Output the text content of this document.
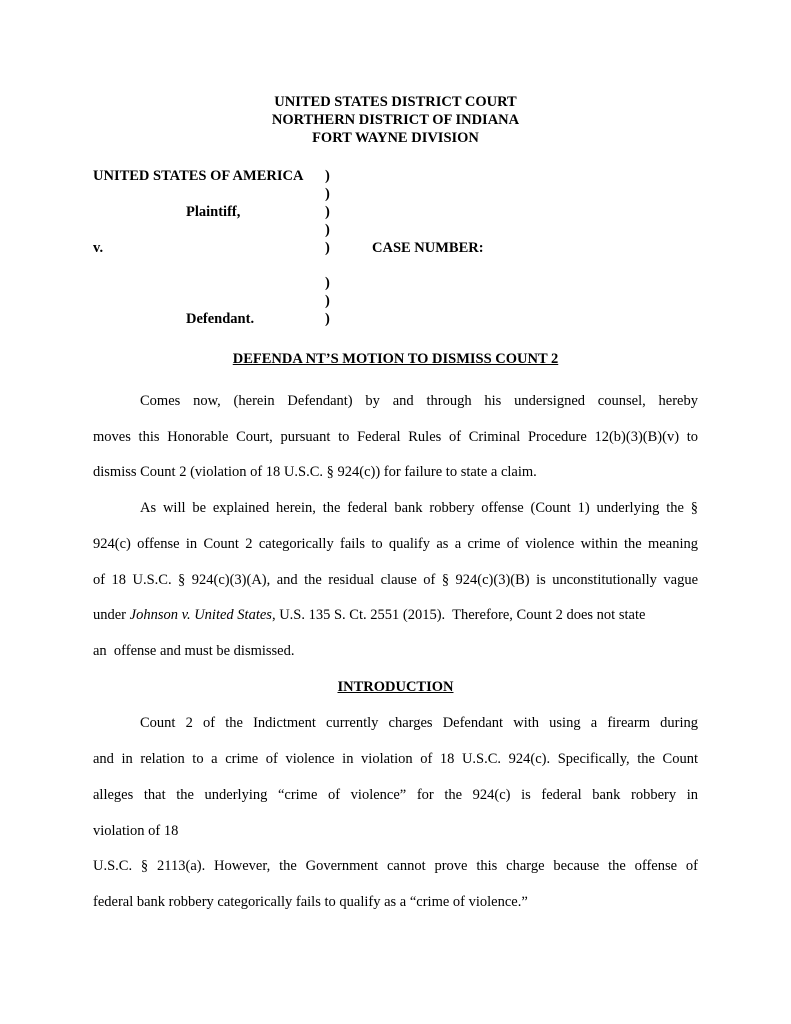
UNITED STATES DISTRICT COURT
NORTHERN DISTRICT OF INDIANA
FORT WAYNE DIVISION
UNITED STATES OF AMERICA )
)
Plaintiff,	)
)
v.	)	CASE NUMBER:
)
)
Defendant.	)
DEFENDA NT’S MOTION TO DISMISS COUNT 2
Comes now, (herein Defendant) by and through his undersigned counsel, hereby
moves this Honorable Court, pursuant to Federal Rules of Criminal Procedure 12(b)(3)(B)(v) to
dismiss Count 2 (violation of 18 U.S.C. § 924(c)) for failure to state a claim.
As will be explained herein, the federal bank robbery offense (Count 1) underlying the §
924(c) offense in Count 2 categorically fails to qualify as a crime of violence within the meaning
of 18 U.S.C. § 924(c)(3)(A), and the residual clause of § 924(c)(3)(B) is unconstitutionally vague
under Johnson v. United States, U.S. 135 S. Ct. 2551 (2015).  Therefore, Count 2 does not state
an  offense and must be dismissed.
INTRODUCTION
Count 2 of the Indictment currently charges Defendant with using a firearm during
and in relation to a crime of violence in violation of 18 U.S.C. 924(c). Specifically, the Count
alleges that the underlying “crime of violence” for the 924(c) is federal bank robbery in
violation of 18
U.S.C. § 2113(a). However, the Government cannot prove this charge because the offense of
federal bank robbery categorically fails to qualify as a “crime of violence.”
